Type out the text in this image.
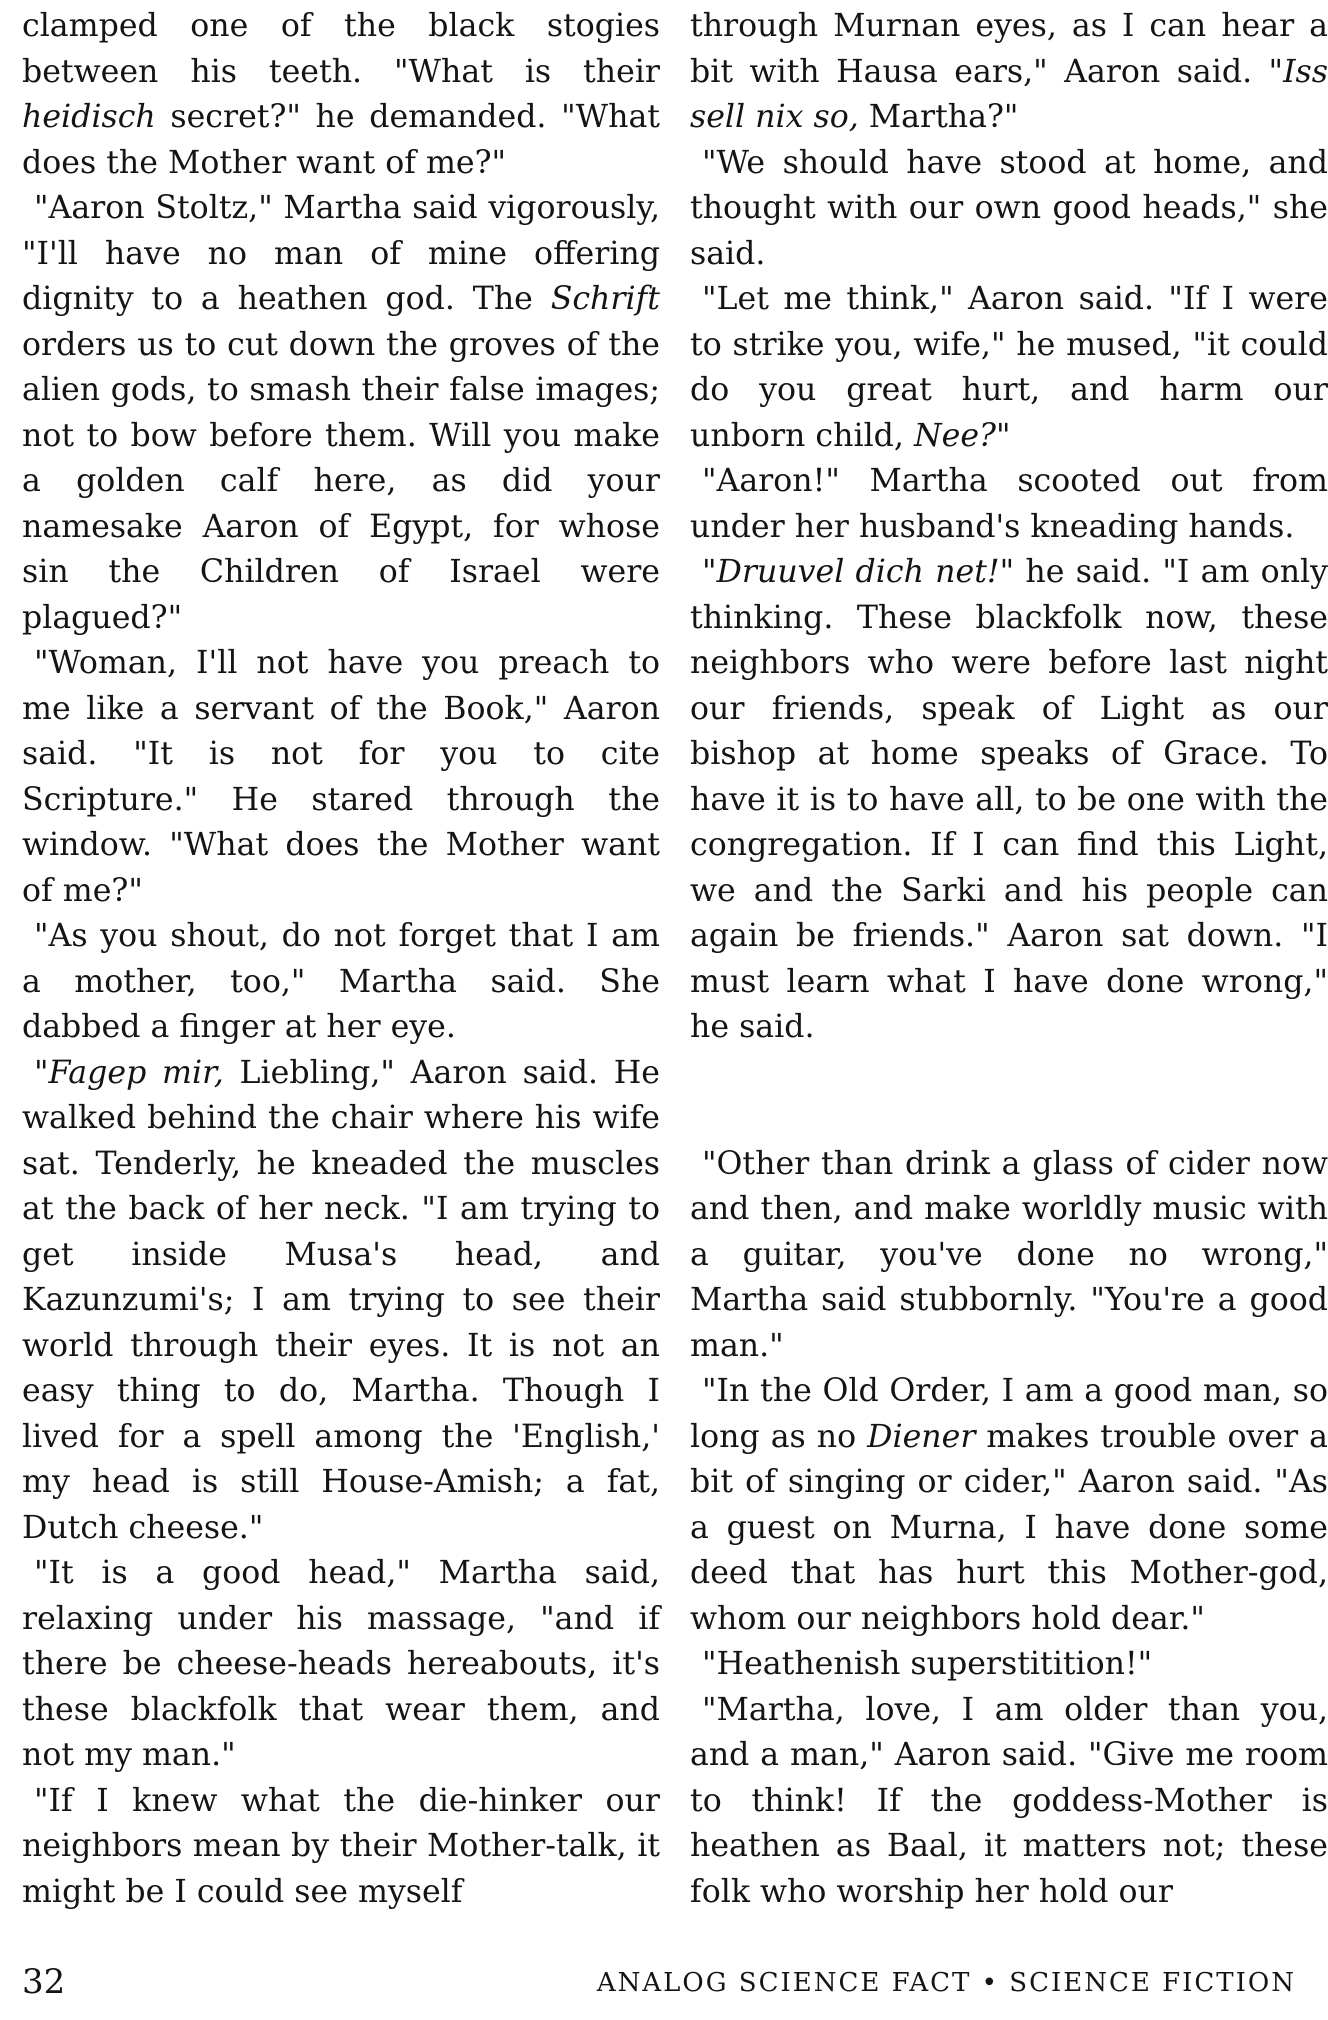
clamped one of the black stogies between his teeth. "What is their heidisch secret?" he demanded. "What does the Mother want of me?"

"Aaron Stoltz," Martha said vigorously, "I'll have no man of mine offering dignity to a heathen god. The Schrift orders us to cut down the groves of the alien gods, to smash their false images; not to bow before them. Will you make a golden calf here, as did your namesake Aaron of Egypt, for whose sin the Children of Israel were plagued?"

"Woman, I'll not have you preach to me like a servant of the Book," Aaron said. "It is not for you to cite Scripture." He stared through the window. "What does the Mother want of me?"

"As you shout, do not forget that I am a mother, too," Martha said. She dabbed a finger at her eye.

"Fagep mir, Liebling," Aaron said. He walked behind the chair where his wife sat. Tenderly, he kneaded the muscles at the back of her neck. "I am trying to get inside Musa's head, and Kazunzumi's; I am trying to see their world through their eyes. It is not an easy thing to do, Martha. Though I lived for a spell among the 'English,' my head is still House-Amish; a fat, Dutch cheese."

"It is a good head," Martha said, relaxing under his massage, "and if there be cheese-heads hereabouts, it's these blackfolk that wear them, and not my man."

"If I knew what the die-hinker our neighbors mean by their Mother-talk, it might be I could see myself

through Murnan eyes, as I can hear a bit with Hausa ears," Aaron said. "Iss sell nix so, Martha?"

"We should have stood at home, and thought with our own good heads," she said.

"Let me think," Aaron said. "If I were to strike you, wife," he mused, "it could do you great hurt, and harm our unborn child, Nee?"

"Aaron!" Martha scooted out from under her husband's kneading hands.

"Druuvel dich net!" he said. "I am only thinking. These blackfolk now, these neighbors who were before last night our friends, speak of Light as our bishop at home speaks of Grace. To have it is to have all, to be one with the congregation. If I can find this Light, we and the Sarki and his people can again be friends." Aaron sat down. "I must learn what I have done wrong," he said.

"Other than drink a glass of cider now and then, and make worldly music with a guitar, you've done no wrong," Martha said stubbornly. "You're a good man."

"In the Old Order, I am a good man, so long as no Diener makes trouble over a bit of singing or cider," Aaron said. "As a guest on Murna, I have done some deed that has hurt this Mother-god, whom our neighbors hold dear."

"Heathenish superstitition!"

"Martha, love, I am older than you, and a man," Aaron said. "Give me room to think! If the goddess-Mother is heathen as Baal, it matters not; these folk who worship her hold our

32	ANALOG SCIENCE FACT • SCIENCE FICTION
